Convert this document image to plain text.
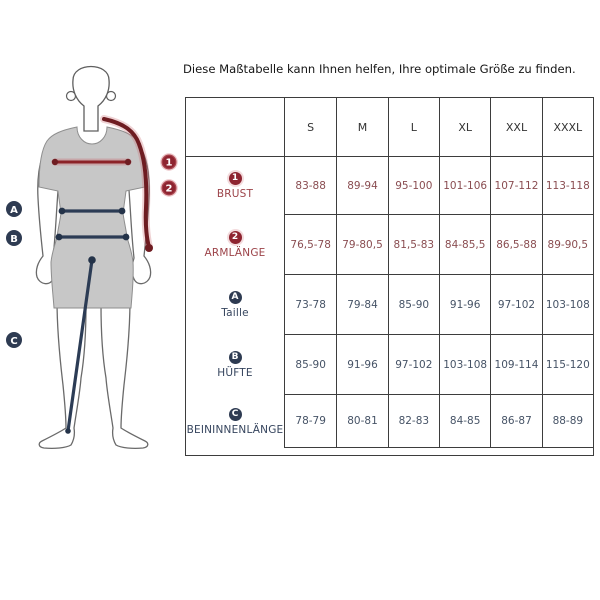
1
2
A
B
C
Diese Maßtabelle kann Ihnen helfen, Ihre optimale Größe zu finden.
S	M	L	XL	XXL	XXXL
1
BRUST
83-88	89-94	95-100	101-106 107-112 113-118
2
ARMLÄNGE
76,5-78	79-80,5	81,5-83	84-85,5	86,5-88	89-90,5
A
Taille
73-78	79-84	85-90	91-96	97-102	103-108
B
HÜFTE
85-90	91-96	97-102	103-108 109-114 115-120
C
BEININNENLÄNGE
78-79	80-81	82-83	84-85	86-87	88-89
